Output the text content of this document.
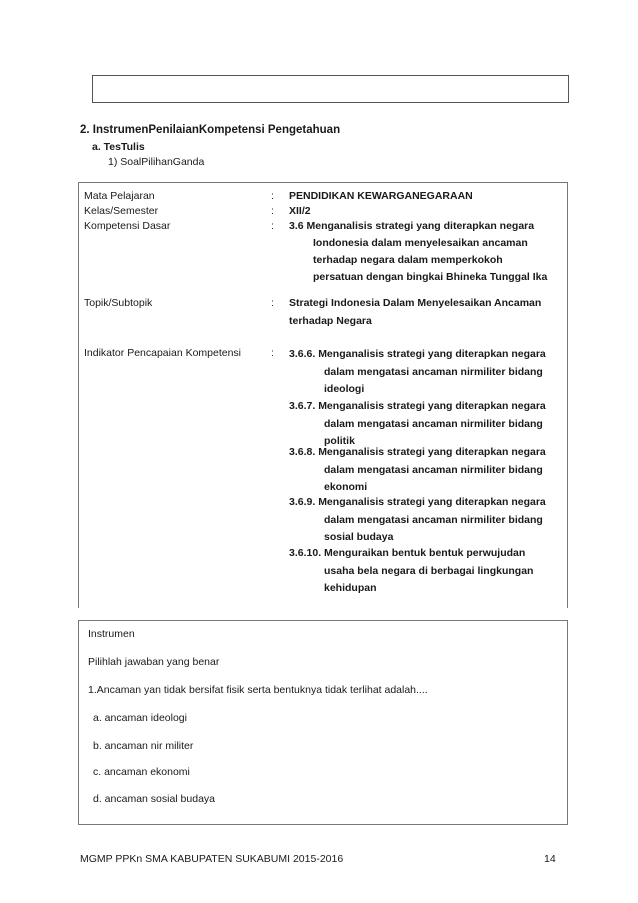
2. InstrumenPenilaianKompetensi Pengetahuan
a. TesTulis
1) SoalPilihanGanda
Mata Pelajaran	: PENDIDIKAN KEWARGANEGARAAN
Kelas/Semester	: XII/2
Kompetensi Dasar	: 3.6 Menganalisis strategi yang diterapkan negara
Iondonesia dalam menyelesaikan ancaman
terhadap negara dalam memperkokoh
persatuan dengan bingkai Bhineka Tunggal Ika
Topik/Subtopik	: Strategi Indonesia Dalam Menyelesaikan Ancaman
terhadap Negara
Indikator Pencapaian Kompetensi	: 3.6.6. Menganalisis strategi yang diterapkan negara
dalam mengatasi ancaman nirmiliter bidang
ideologi
3.6.7. Menganalisis strategi yang diterapkan negara
dalam mengatasi ancaman nirmiliter bidang
politik
3.6.8. Menganalisis strategi yang diterapkan negara
dalam mengatasi ancaman nirmiliter bidang
ekonomi
3.6.9. Menganalisis strategi yang diterapkan negara
dalam mengatasi ancaman nirmiliter bidang
sosial budaya
3.6.10. Menguraikan bentuk bentuk perwujudan
usaha bela negara di berbagai lingkungan
kehidupan
Instrumen
Pilihlah jawaban yang benar
1.Ancaman yan tidak bersifat fisik serta bentuknya tidak terlihat adalah....
a. ancaman ideologi
b. ancaman nir militer
c. ancaman ekonomi
d. ancaman sosial budaya
MGMP PPKn SMA KABUPATEN SUKABUMI 2015-2016	14
